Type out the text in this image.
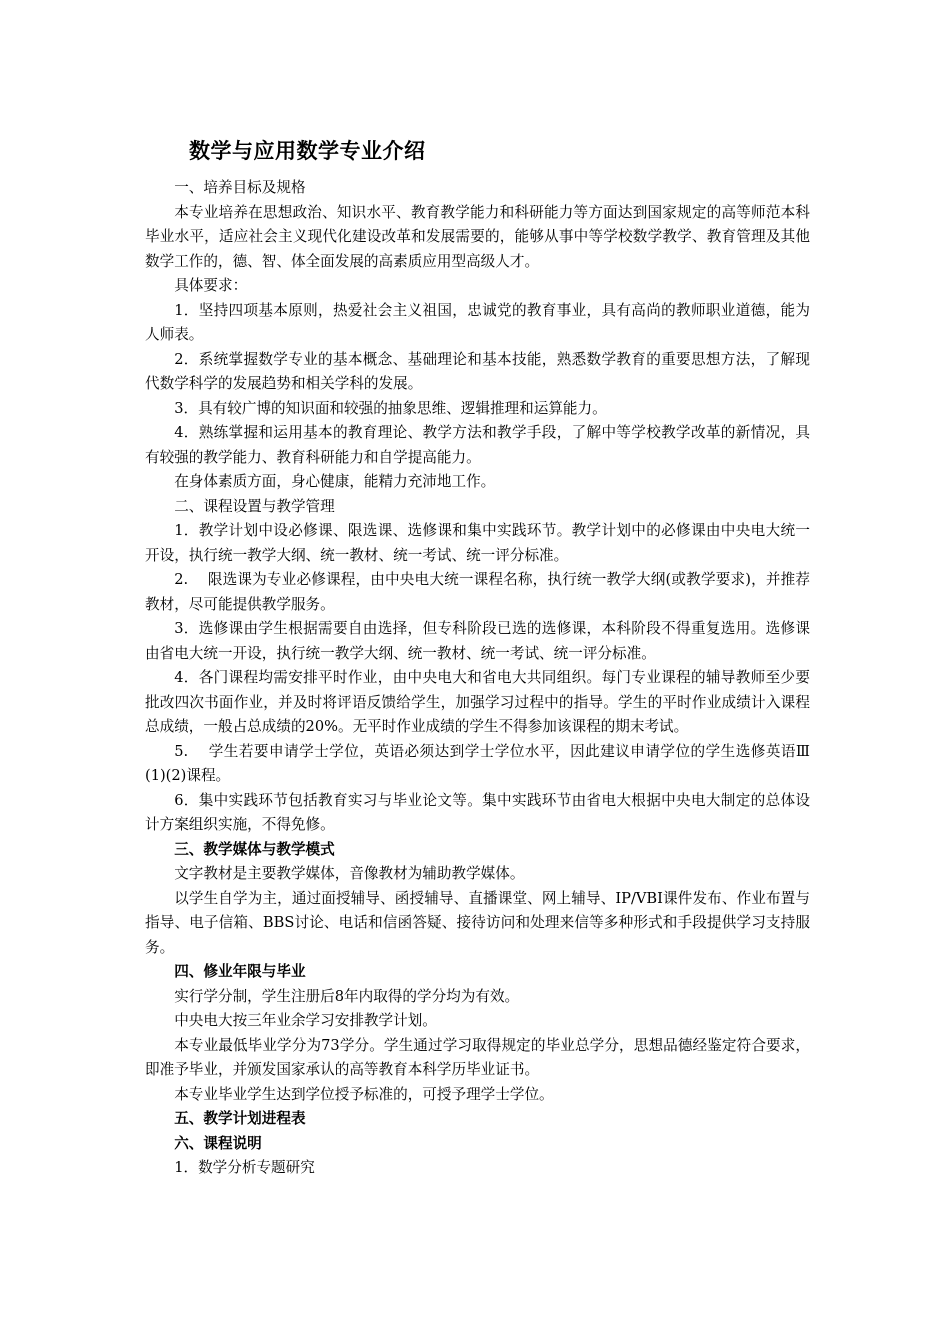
数学与应用数学专业介绍

一、培养目标及规格

本专业培养在思想政治、知识水平、教育教学能力和科研能力等方面达到国家规定的高等师范本科毕业水平，适应社会主义现代化建设改革和发展需要的，能够从事中等学校数学教学、教育管理及其他数学工作的，德、智、体全面发展的高素质应用型高级人才。

具体要求：

1．坚持四项基本原则，热爱社会主义祖国，忠诚党的教育事业，具有高尚的教师职业道德，能为人师表。

2．系统掌握数学专业的基本概念、基础理论和基本技能，熟悉数学教育的重要思想方法，了解现代数学科学的发展趋势和相关学科的发展。

3．具有较广博的知识面和较强的抽象思维、逻辑推理和运算能力。

4．熟练掌握和运用基本的教育理论、教学方法和教学手段，了解中等学校教学改革的新情况，具有较强的教学能力、教育科研能力和自学提高能力。

在身体素质方面，身心健康，能精力充沛地工作。

二、课程设置与教学管理

1．教学计划中设必修课、限选课、选修课和集中实践环节。教学计划中的必修课由中央电大统一开设，执行统一教学大纲、统一教材、统一考试、统一评分标准。

2.　 限选课为专业必修课程，由中央电大统一课程名称，执行统一教学大纲(或教学要求)，并推荐教材，尽可能提供教学服务。

3．选修课由学生根据需要自由选择，但专科阶段已选的选修课，本科阶段不得重复选用。选修课由省电大统一开设，执行统一教学大纲、统一教材、统一考试、统一评分标准。

4．各门课程均需安排平时作业，由中央电大和省电大共同组织。每门专业课程的辅导教师至少要批改四次书面作业，并及时将评语反馈给学生，加强学习过程中的指导。学生的平时作业成绩计入课程总成绩，一般占总成绩的20%。无平时作业成绩的学生不得参加该课程的期末考试。

5.　 学生若要申请学士学位，英语必须达到学士学位水平，因此建议申请学位的学生选修英语Ⅲ　(1)(2)课程。

6．集中实践环节包括教育实习与毕业论文等。集中实践环节由省电大根据中央电大制定的总体设计方案组织实施，不得免修。

三、教学媒体与教学模式

文字教材是主要教学媒体，音像教材为辅助教学媒体。

以学生自学为主，通过面授辅导、函授辅导、直播课堂、网上辅导、IP/VBI课件发布、作业布置与指导、电子信箱、BBS讨论、电话和信函答疑、接待访问和处理来信等多种形式和手段提供学习支持服务。

四、修业年限与毕业

实行学分制，学生注册后8年内取得的学分均为有效。

中央电大按三年业余学习安排教学计划。

本专业最低毕业学分为73学分。学生通过学习取得规定的毕业总学分，思想品德经鉴定符合要求，即准予毕业，并颁发国家承认的高等教育本科学历毕业证书。

本专业毕业学生达到学位授予标准的，可授予理学士学位。

五、教学计划进程表

六、课程说明

1．数学分析专题研究
